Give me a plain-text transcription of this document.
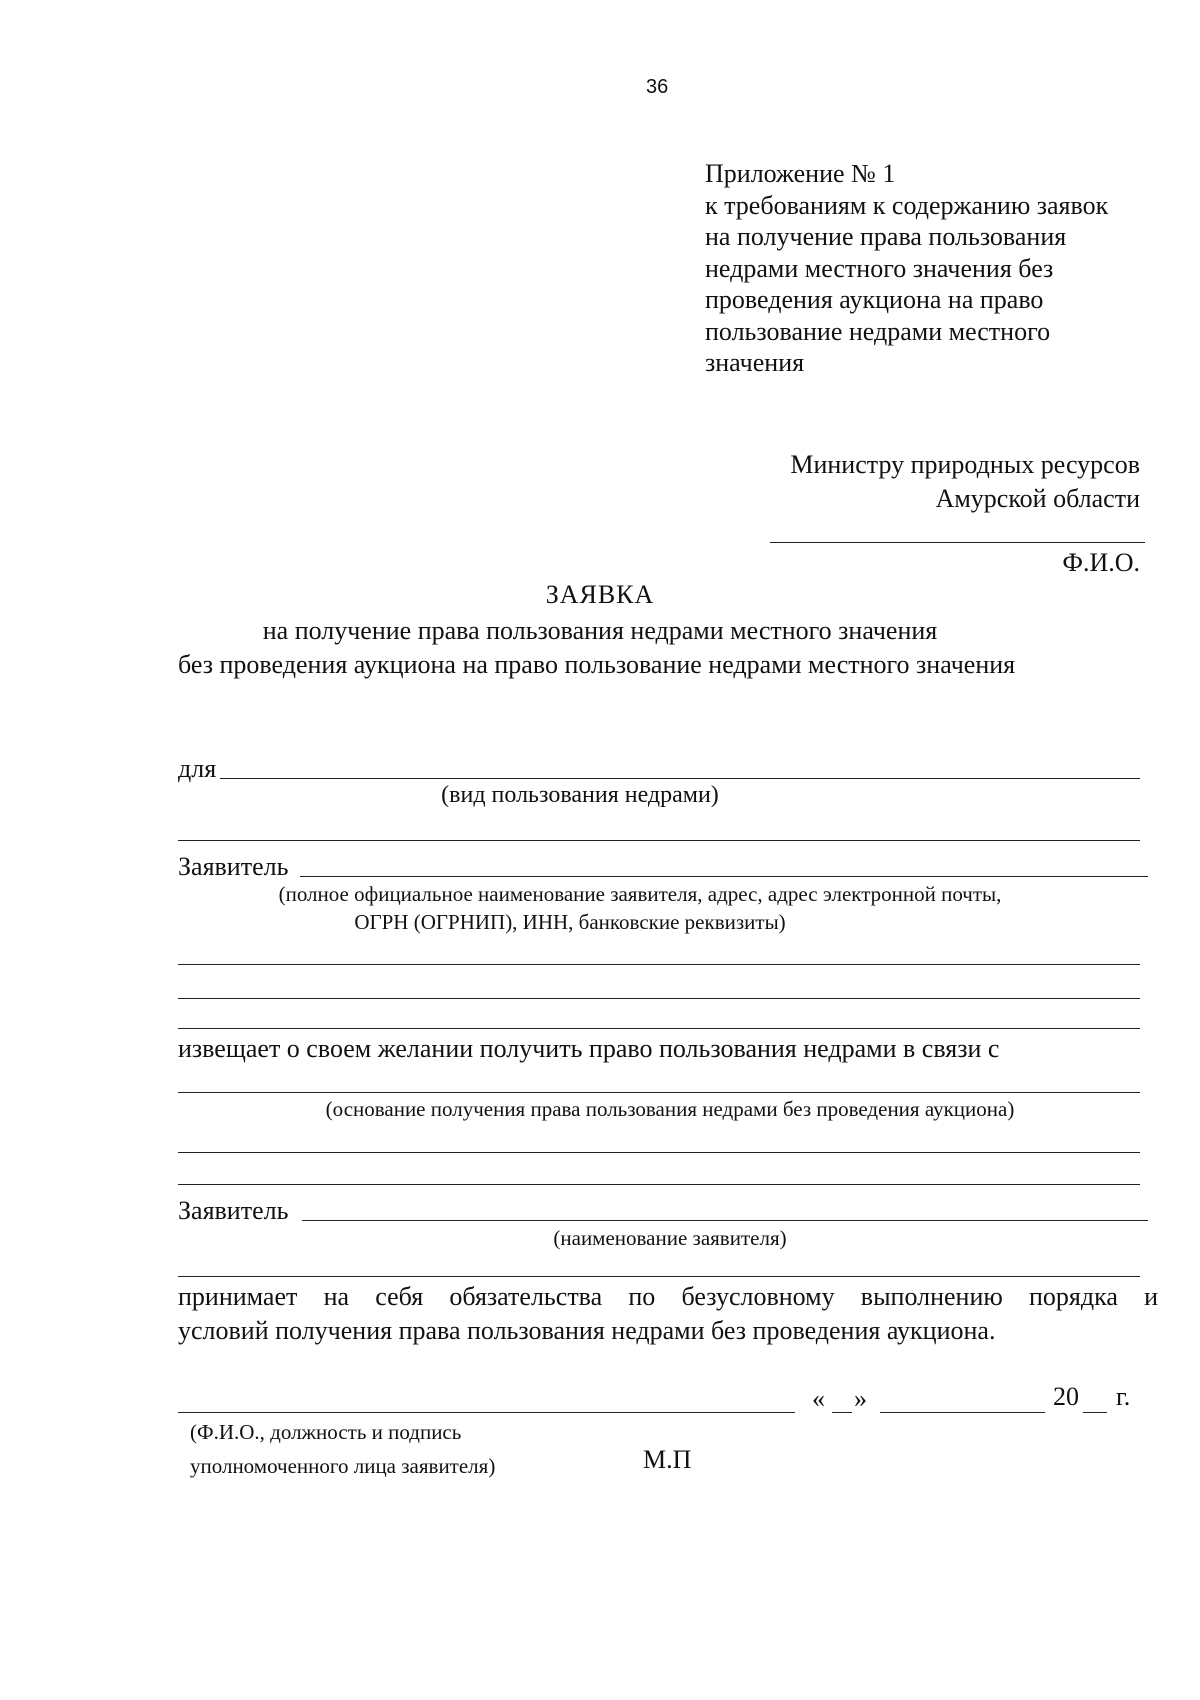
36
Приложение № 1
к требованиям к содержанию заявок
на получение права пользования
недрами местного значения без
проведения аукциона на право
пользование недрами местного
значения
Министру природных ресурсов
Амурской области
Ф.И.О.
ЗАЯВКА
на получение права пользования недрами местного значения
без проведения аукциона на право пользование недрами местного значения
для
(вид пользования недрами)
Заявитель
(полное официальное наименование заявителя, адрес, адрес электронной почты,
ОГРН (ОГРНИП), ИНН, банковские реквизиты)
извещает о своем желании получить право пользования недрами в связи с
(основание получения права пользования недрами без проведения аукциона)
Заявитель
(наименование заявителя)
принимает на себя обязательства по безусловному выполнению порядка и
условий получения права пользования недрами без проведения аукциона.
« »	20 г.
(Ф.И.О., должность и подпись
уполномоченного лица заявителя)	М.П
